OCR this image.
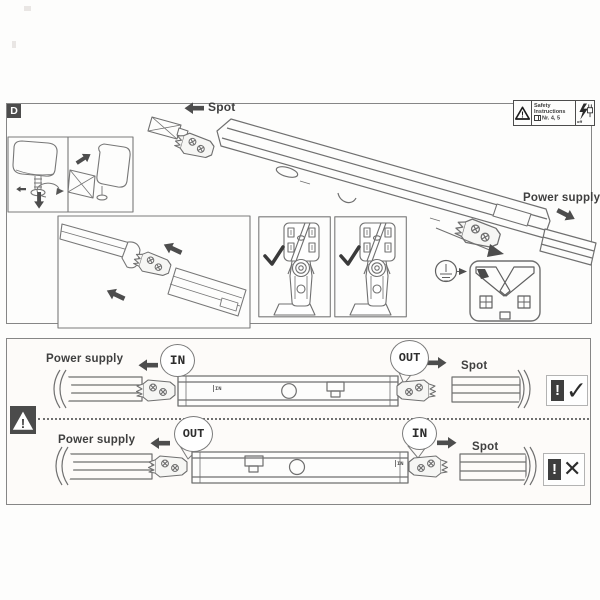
D	Spot
Power supply
!
Safety
Instructions
Nr. 4, 5
off
Power supply	IN	OUT
Spot
IN	! ✓
!
Power supply	OUT	IN
Spot
IN	! ✕
